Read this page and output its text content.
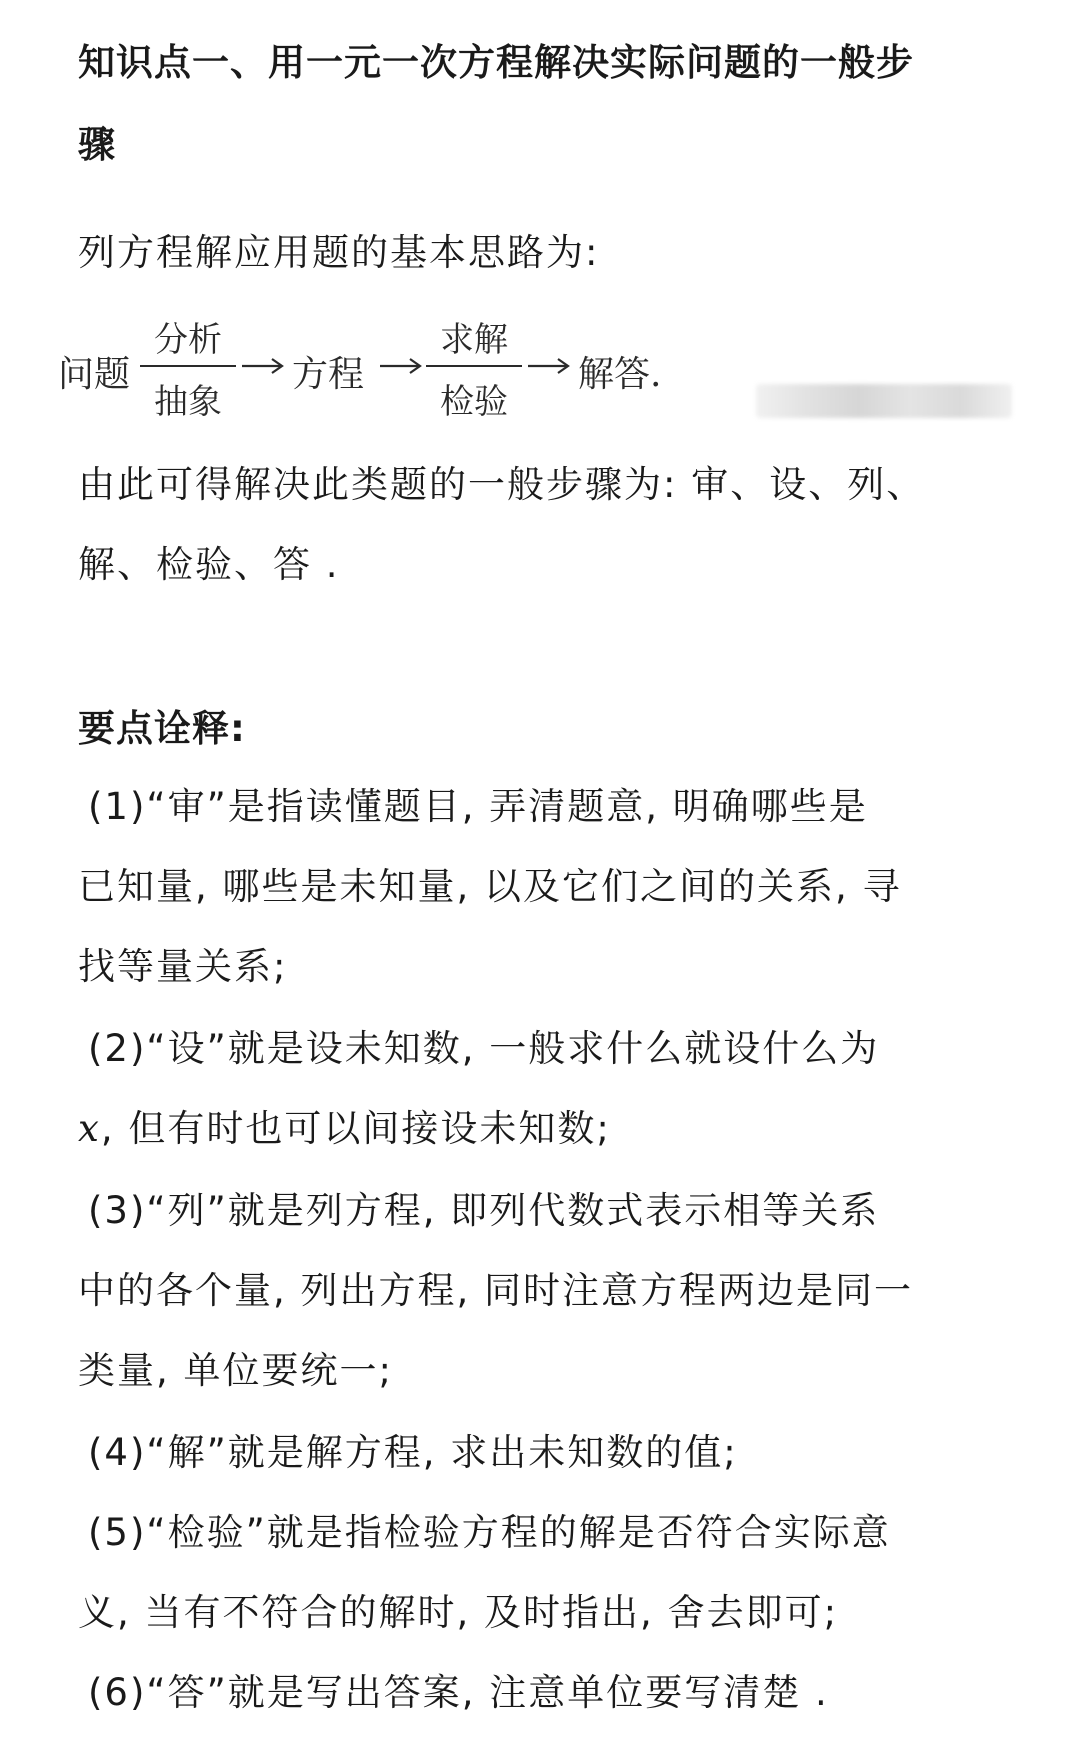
知识点一、用一元一次方程解决实际问题的一般步
骤
列方程解应用题的基本思路为:
问题
分析
抽象
方程
求解
检验
解答.
由此可得解决此类题的一般步骤为: 审、设、列、
解、检验、答 .
要点诠释:
(1)“审”是指读懂题目, 弄清题意, 明确哪些是
已知量, 哪些是未知量, 以及它们之间的关系, 寻
找等量关系;
(2)“设”就是设未知数, 一般求什么就设什么为
x, 但有时也可以间接设未知数;
(3)“列”就是列方程, 即列代数式表示相等关系
中的各个量, 列出方程, 同时注意方程两边是同一
类量, 单位要统一;
(4)“解”就是解方程, 求出未知数的值;
(5)“检验”就是指检验方程的解是否符合实际意
义, 当有不符合的解时, 及时指出, 舍去即可;
(6)“答”就是写出答案, 注意单位要写清楚 .
